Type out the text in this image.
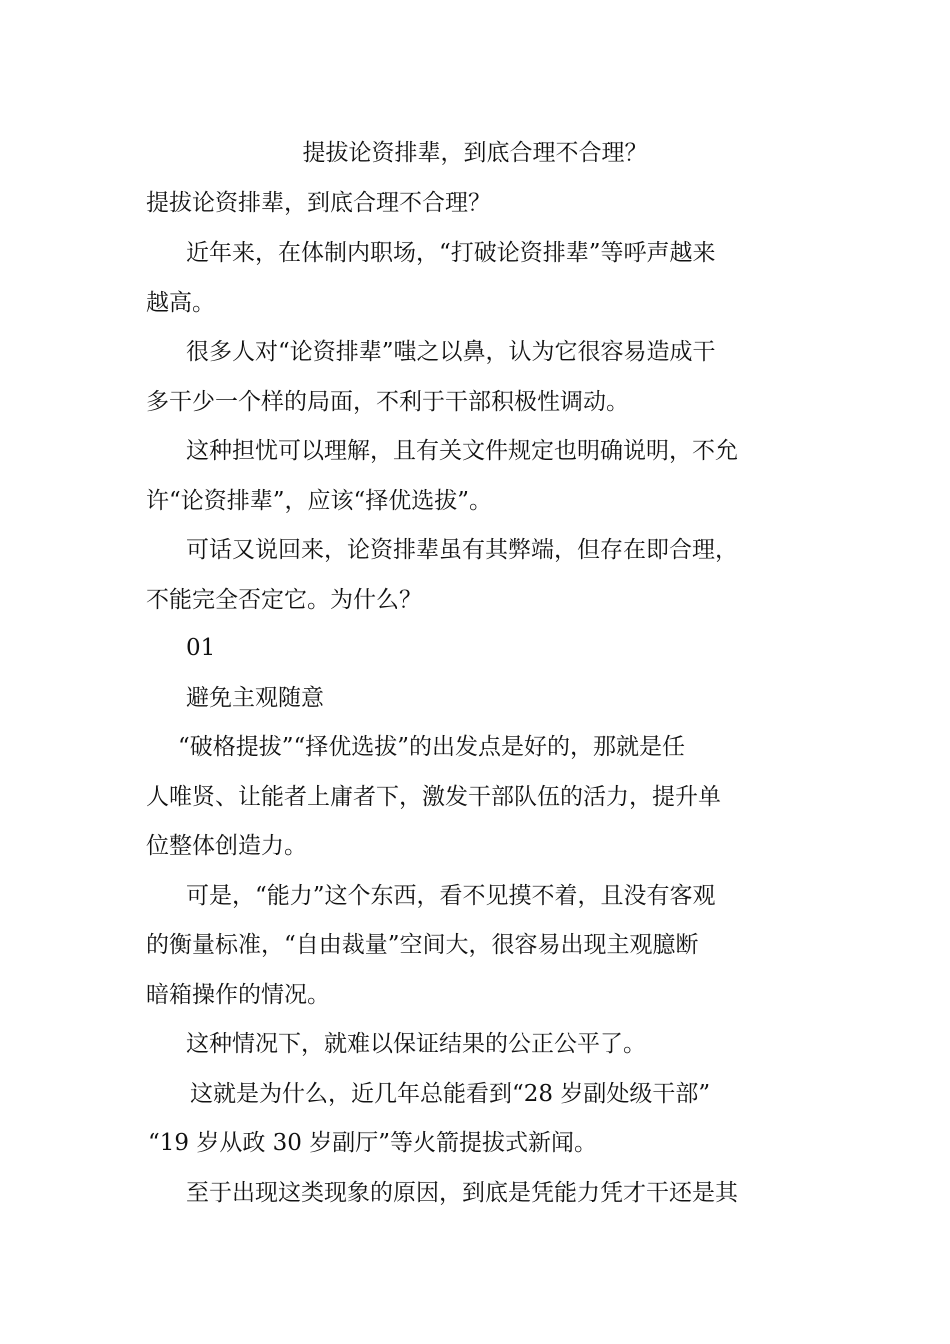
提拔论资排辈，到底合理不合理？

提拔论资排辈，到底合理不合理？

近年来，在体制内职场，“打破论资排辈”等呼声越来

越高。

很多人对“论资排辈”嗤之以鼻，认为它很容易造成干

多干少一个样的局面，不利于干部积极性调动。

这种担忧可以理解，且有关文件规定也明确说明，不允

许“论资排辈”，应该“择优选拔”。

可话又说回来，论资排辈虽有其弊端，但存在即合理，

不能完全否定它。为什么？

01

避免主观随意

“破格提拔”“择优选拔”的出发点是好的，那就是任

人唯贤、让能者上庸者下，激发干部队伍的活力，提升单

位整体创造力。

可是，“能力”这个东西，看不见摸不着，且没有客观

的衡量标准，“自由裁量”空间大，很容易出现主观臆断

暗箱操作的情况。

这种情况下，就难以保证结果的公正公平了。

这就是为什么，近几年总能看到“28 岁副处级干部”

“19 岁从政 30 岁副厅”等火箭提拔式新闻。

至于出现这类现象的原因，到底是凭能力凭才干还是其
